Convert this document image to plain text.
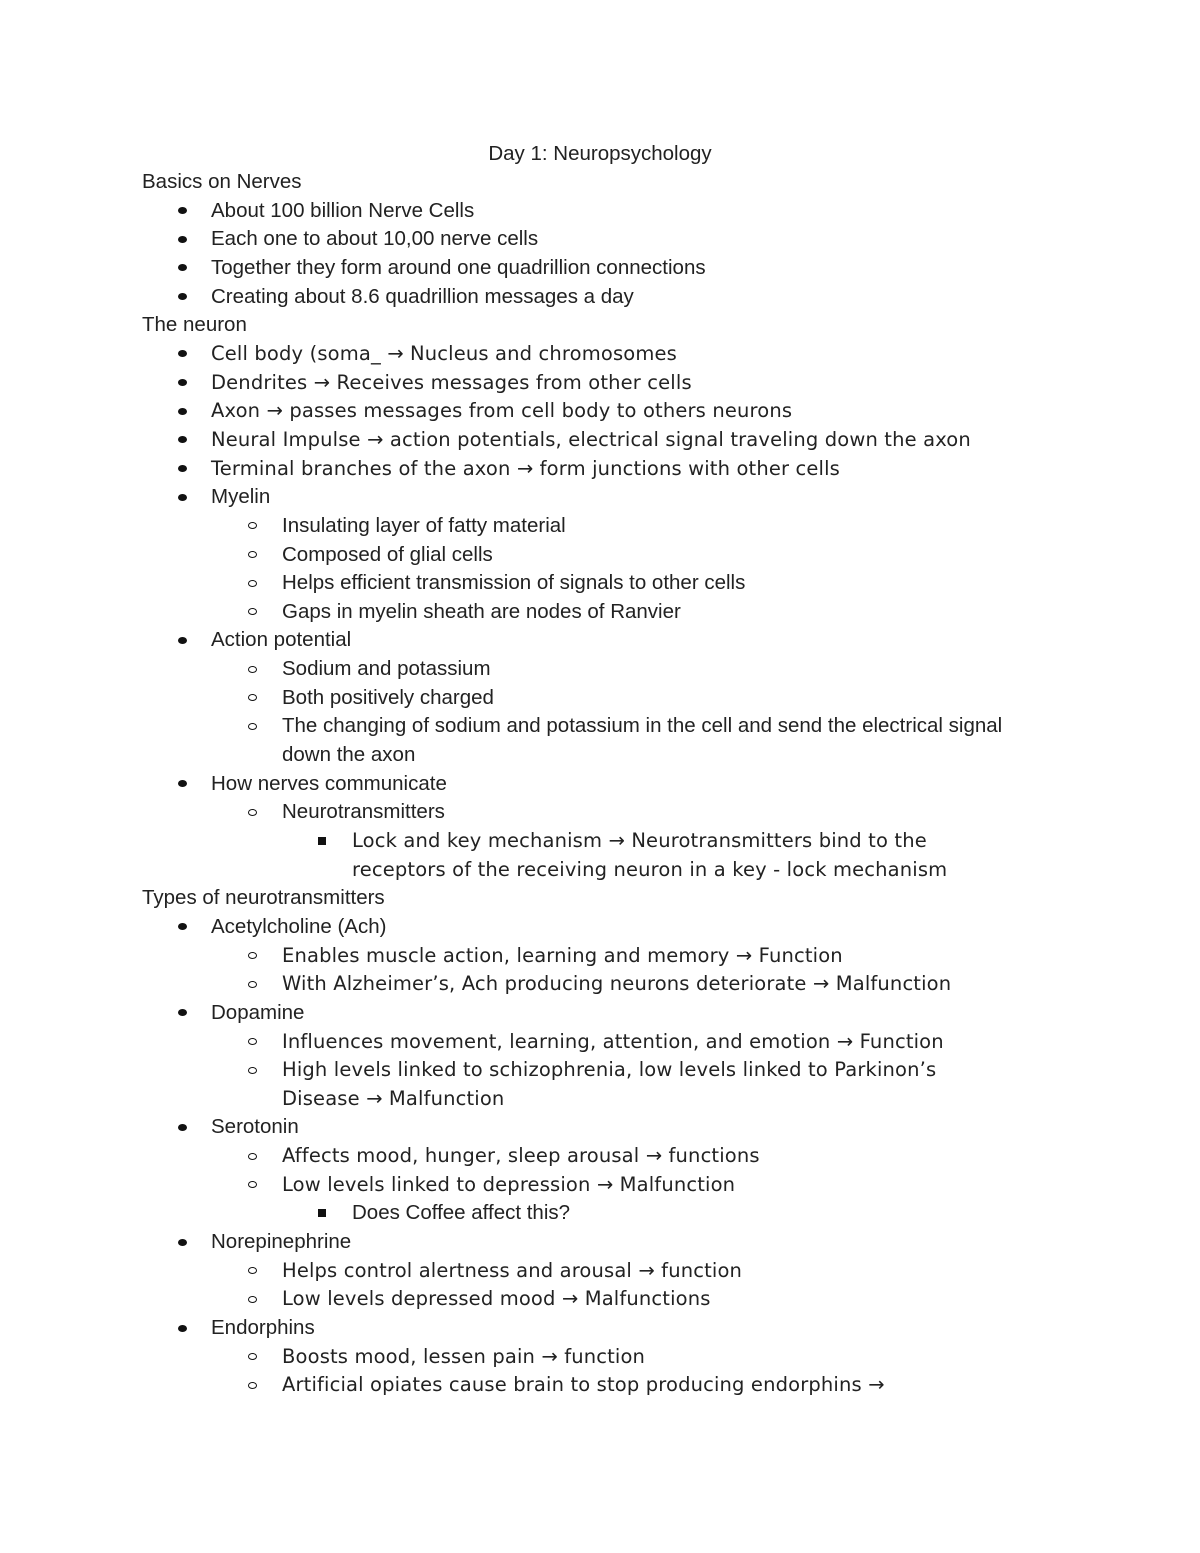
Day 1: Neuropsychology
Basics on Nerves
About 100 billion Nerve Cells
Each one to about 10,00 nerve cells
Together they form around one quadrillion connections
Creating about 8.6 quadrillion messages a day
The neuron
Cell body (soma_ → Nucleus and chromosomes
Dendrites → Receives messages from other cells
Axon → passes messages from cell body to others neurons
Neural Impulse → action potentials, electrical signal traveling down the axon
Terminal branches of the axon → form junctions with other cells
Myelin
Insulating layer of fatty material
Composed of glial cells
Helps efficient transmission of signals to other cells
Gaps in myelin sheath are nodes of Ranvier
Action potential
Sodium and potassium
Both positively charged
The changing of sodium and potassium in the cell and send the electrical signal
down the axon
How nerves communicate
Neurotransmitters
Lock and key mechanism → Neurotransmitters bind to the
receptors of the receiving neuron in a key - lock mechanism
Types of neurotransmitters
Acetylcholine (Ach)
Enables muscle action, learning and memory → Function
With Alzheimer’s, Ach producing neurons deteriorate → Malfunction
Dopamine
Influences movement, learning, attention, and emotion → Function
High levels linked to schizophrenia, low levels linked to Parkinon’s
Disease → Malfunction
Serotonin
Affects mood, hunger, sleep arousal → functions
Low levels linked to depression → Malfunction
Does Coffee affect this?
Norepinephrine
Helps control alertness and arousal → function
Low levels depressed mood → Malfunctions
Endorphins
Boosts mood, lessen pain → function
Artificial opiates cause brain to stop producing endorphins →
